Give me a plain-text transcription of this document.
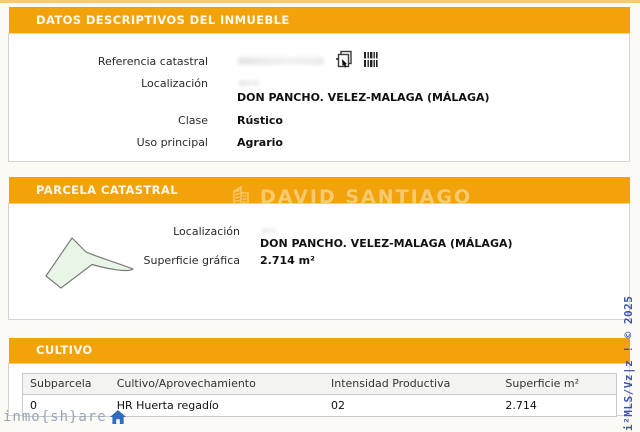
DATOS DESCRIPTIVOS DEL INMUEBLE
Referencia catastral
Localización
DON PANCHO. VELEZ-MALAGA (MÁLAGA)
Clase	Rústico
Uso principal	Agrario
PARCELA CATASTRAL	DAVID SANTIAGO
Localización
DON PANCHO. VELEZ-MALAGA (MÁLAGA)
Superficie gráfica 2.714 m²
CULTIVO
Subparcela	Cultivo/Aprovechamiento	Intensidad Productiva	Superficie m²
0	HR Huerta regadío	02	2.714
inmo{sh}are	i²MLS/Vz|z ! © 2025
